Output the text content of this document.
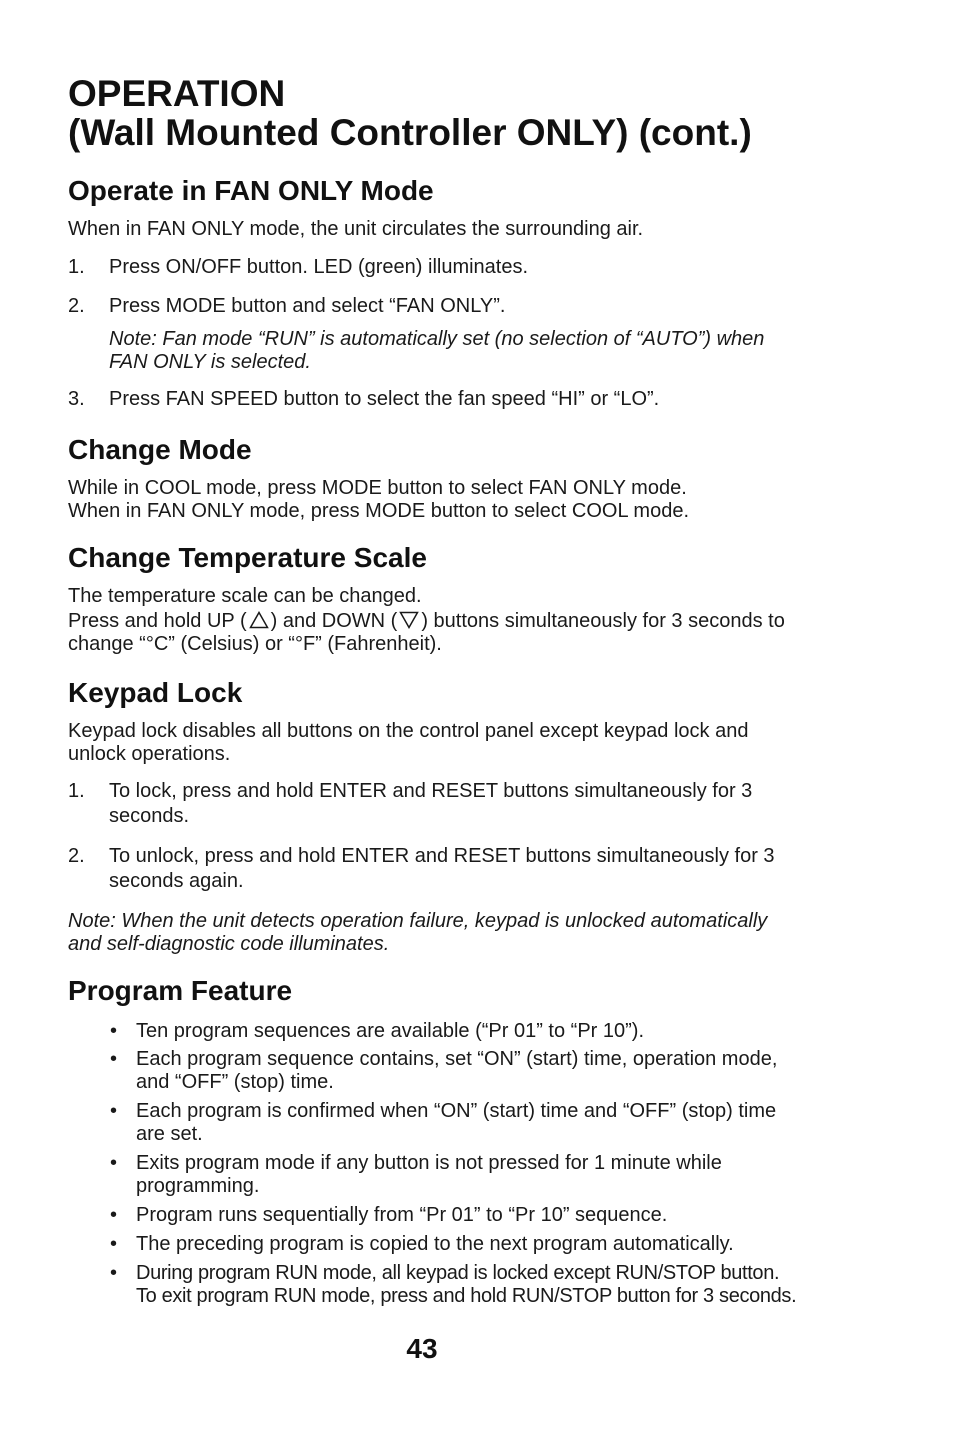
OPERATION
(Wall Mounted Controller ONLY) (cont.)
Operate in FAN ONLY Mode

When in FAN ONLY mode, the unit circulates the surrounding air.

1. Press ON/OFF button. LED (green) illuminates.
2. Press MODE button and select “FAN ONLY”.
Note: Fan mode “RUN” is automatically set (no selection of “AUTO”) when
FAN ONLY is selected.
3. Press FAN SPEED button to select the fan speed “HI” or “LO”.
Change Mode
While in COOL mode, press MODE button to select FAN ONLY mode.
When in FAN ONLY mode, press MODE button to select COOL mode.
Change Temperature Scale
The temperature scale can be changed.
Press and hold UP ( ) and DOWN ( ) buttons simultaneously for 3 seconds to
change “°C” (Celsius) or “°F” (Fahrenheit).
Keypad Lock
Keypad lock disables all buttons on the control panel except keypad lock and
unlock operations.
1. To lock, press and hold ENTER and RESET buttons simultaneously for 3
seconds.
2. To unlock, press and hold ENTER and RESET buttons simultaneously for 3
seconds again.
Note: When the unit detects operation failure, keypad is unlocked automatically
and self-diagnostic code illuminates.
Program Feature
• Ten program sequences are available (“Pr 01” to “Pr 10”).
• Each program sequence contains, set “ON” (start) time, operation mode,
and “OFF” (stop) time.
• Each program is confirmed when “ON” (start) time and “OFF” (stop) time
are set.
• Exits program mode if any button is not pressed for 1 minute while
programming.
• Program runs sequentially from “Pr 01” to “Pr 10” sequence.
• The preceding program is copied to the next program automatically.
• During program RUN mode, all keypad is locked except RUN/STOP button.
To exit program RUN mode, press and hold RUN/STOP button for 3 seconds.
43
